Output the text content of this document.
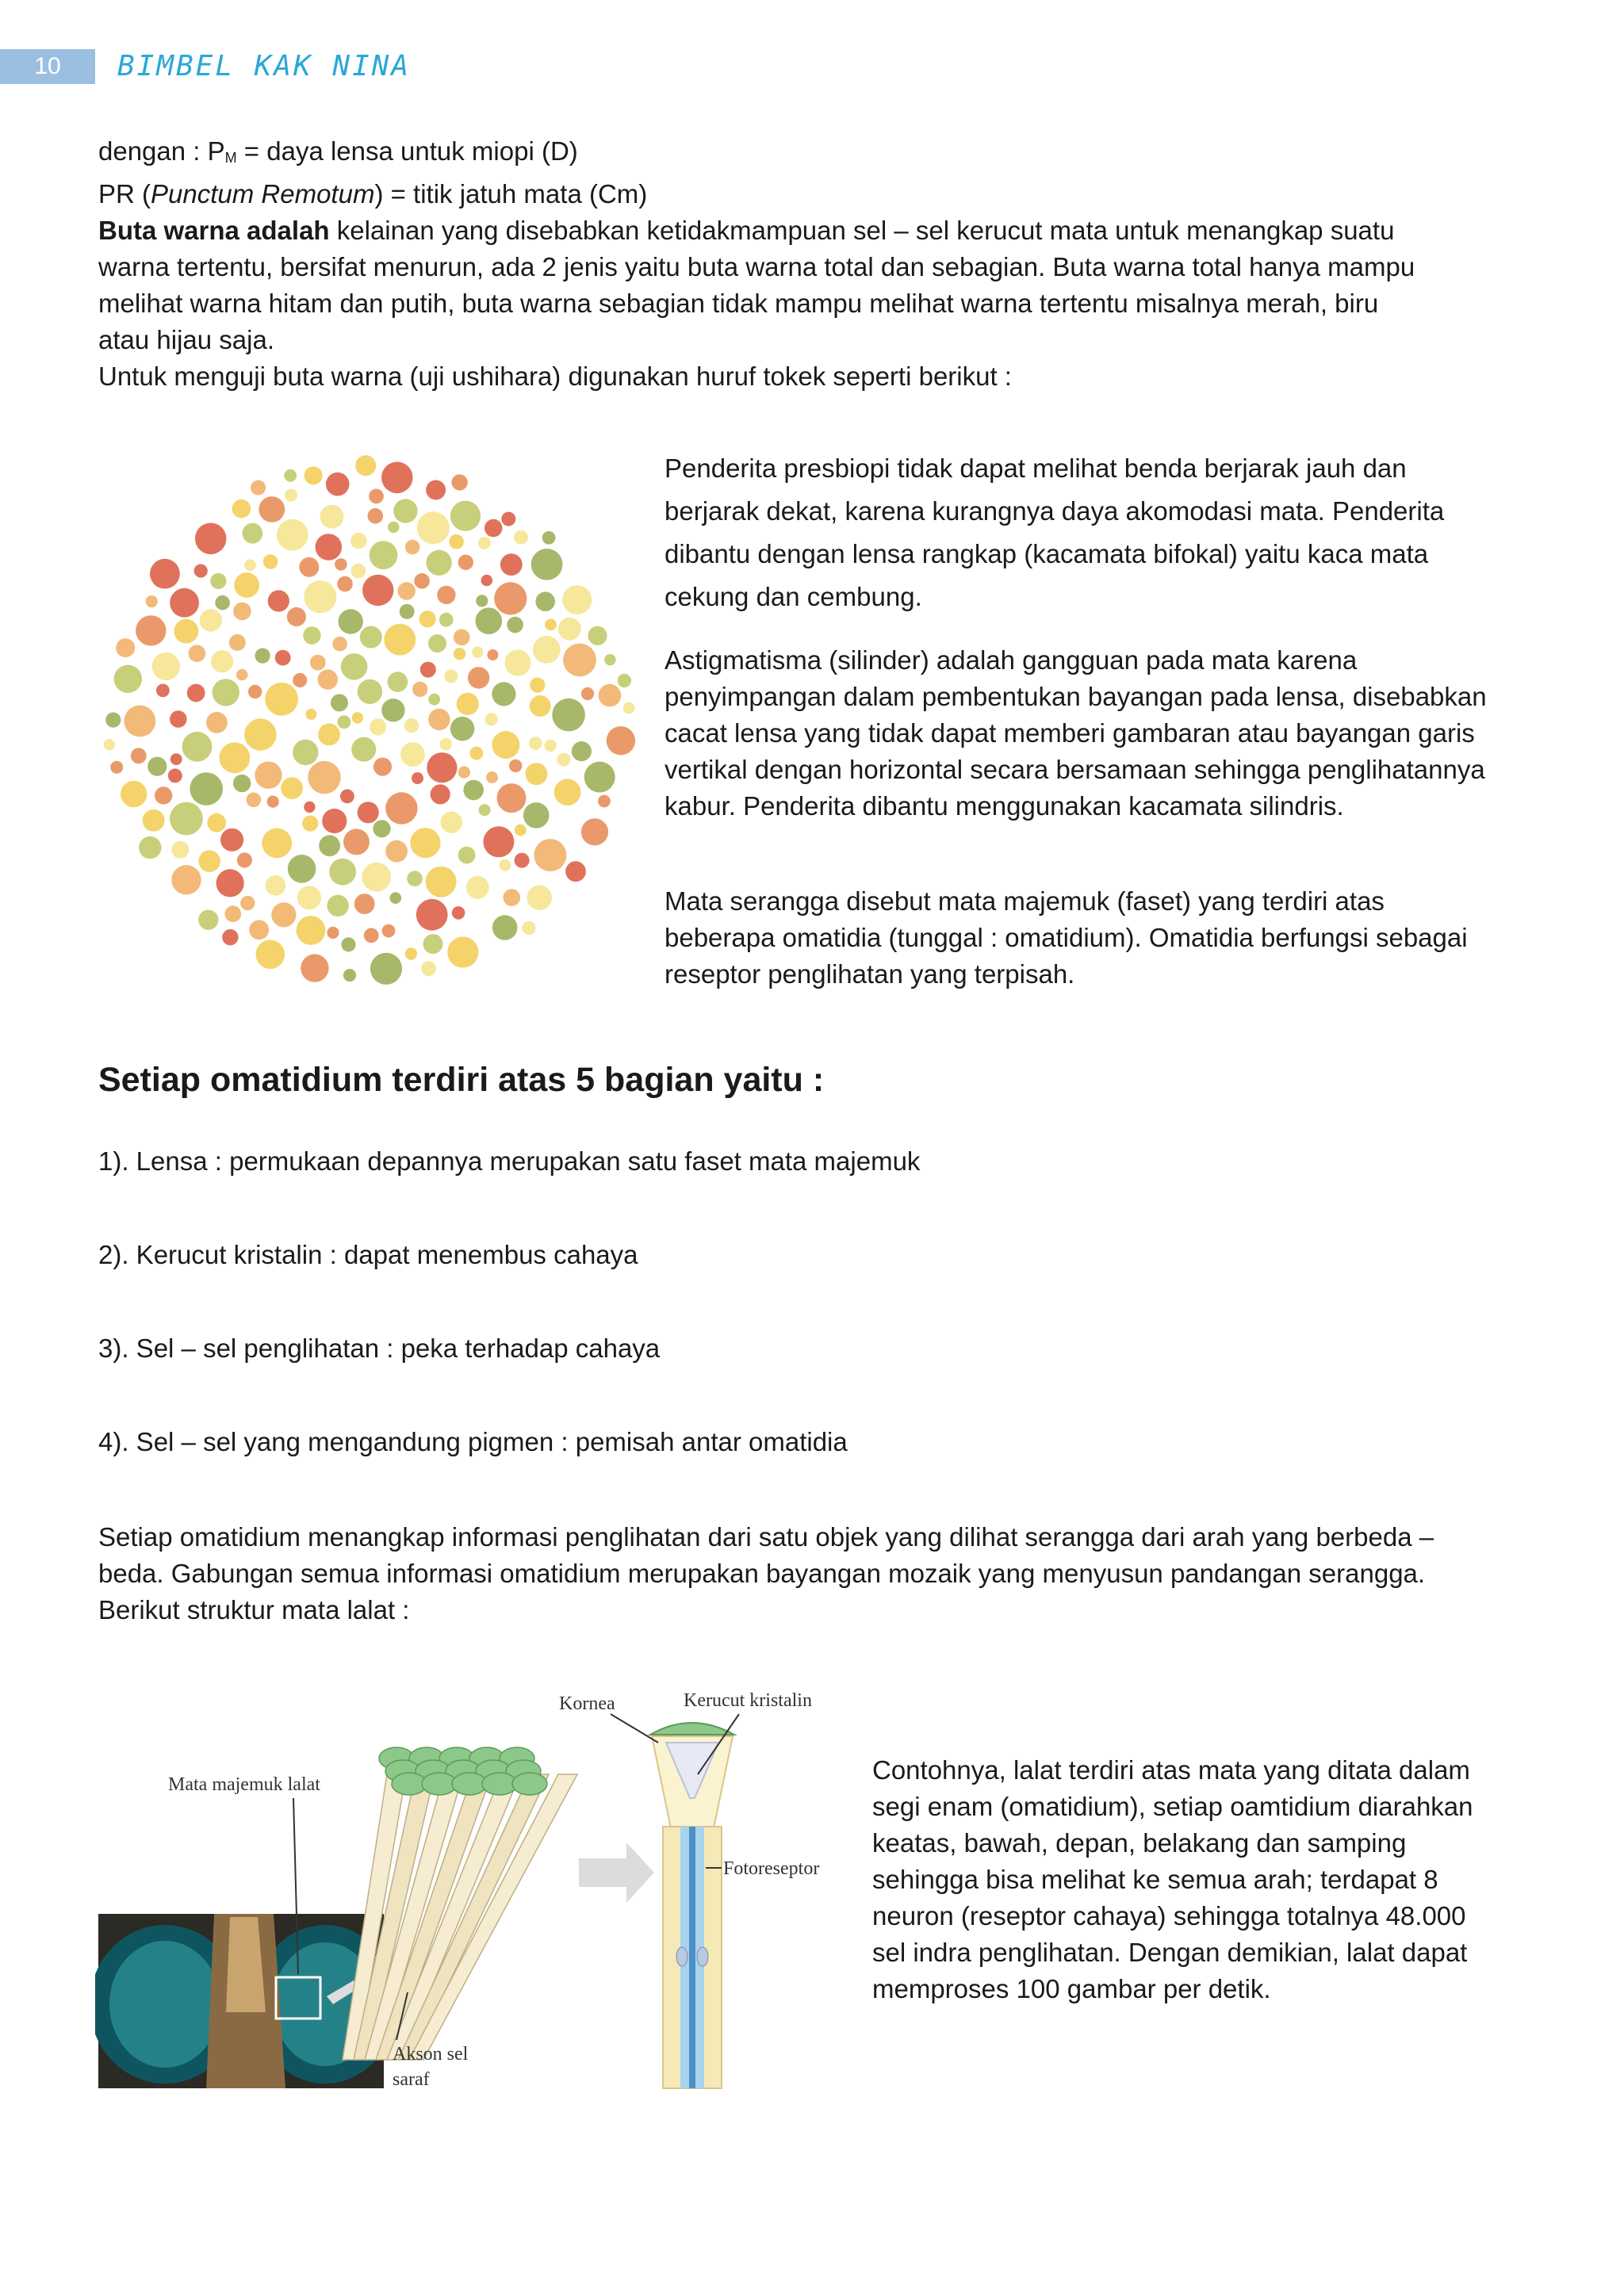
10	BIMBEL KAK NINA
dengan : PM = daya lensa untuk miopi (D)
PR (Punctum Remotum) = titik jatuh mata (Cm)
Buta warna adalah kelainan yang disebabkan ketidakmampuan sel – sel kerucut mata untuk menangkap suatu
warna tertentu, bersifat menurun, ada 2 jenis yaitu buta warna total dan sebagian. Buta warna total hanya mampu
melihat warna hitam dan putih, buta warna sebagian tidak mampu melihat warna tertentu misalnya merah, biru
atau hijau saja.
Untuk menguji buta warna (uji ushihara) digunakan huruf tokek seperti berikut :
Penderita presbiopi tidak dapat melihat benda berjarak jauh dan
berjarak dekat, karena kurangnya daya akomodasi mata. Penderita
dibantu dengan lensa rangkap (kacamata bifokal) yaitu kaca mata
cekung dan cembung.
Astigmatisma (silinder) adalah gangguan pada mata karena
penyimpangan dalam pembentukan bayangan pada lensa, disebabkan
cacat lensa yang tidak dapat memberi gambaran atau bayangan garis
vertikal dengan horizontal secara bersamaan sehingga penglihatannya
kabur. Penderita dibantu menggunakan kacamata silindris.
Mata serangga disebut mata majemuk (faset) yang terdiri atas
beberapa omatidia (tunggal : omatidium). Omatidia berfungsi sebagai
reseptor penglihatan yang terpisah.
Setiap omatidium terdiri atas 5 bagian yaitu :
1). Lensa : permukaan depannya merupakan satu faset mata majemuk
2). Kerucut kristalin : dapat menembus cahaya
3). Sel – sel penglihatan : peka terhadap cahaya
4). Sel – sel yang mengandung pigmen : pemisah antar omatidia
Setiap omatidium menangkap informasi penglihatan dari satu objek yang dilihat serangga dari arah yang berbeda –
beda. Gabungan semua informasi omatidium merupakan bayangan mozaik yang menyusun pandangan serangga.
Berikut struktur mata lalat :
Mata majemuk lalat
Kornea	Kerucut kristalin
Fotoreseptor
Akson sel
saraf
Contohnya, lalat terdiri atas mata yang ditata dalam
segi enam (omatidium), setiap oamtidium diarahkan
keatas, bawah, depan, belakang dan samping
sehingga bisa melihat ke semua arah; terdapat 8
neuron (reseptor cahaya) sehingga totalnya 48.000
sel indra penglihatan. Dengan demikian, lalat dapat
memproses 100 gambar per detik.
